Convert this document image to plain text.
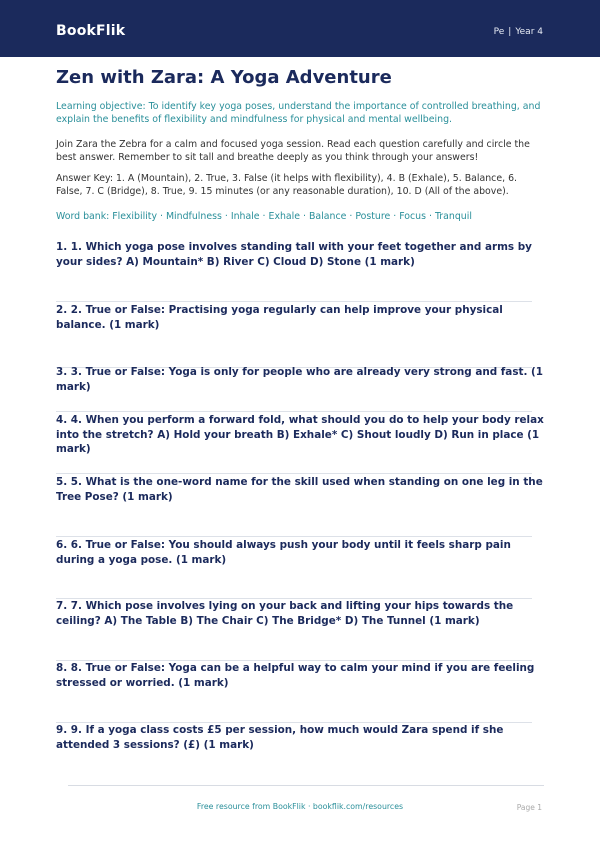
BookFlik	Pe | Year 4
Zen with Zara: A Yoga Adventure
Learning objective: To identify key yoga poses, understand the importance of controlled breathing, and explain the benefits of flexibility and mindfulness for physical and mental wellbeing.
Join Zara the Zebra for a calm and focused yoga session. Read each question carefully and circle the best answer. Remember to sit tall and breathe deeply as you think through your answers!
Answer Key: 1. A (Mountain), 2. True, 3. False (it helps with flexibility), 4. B (Exhale), 5. Balance, 6. False, 7. C (Bridge), 8. True, 9. 15 minutes (or any reasonable duration), 10. D (All of the above).
Word bank: Flexibility · Mindfulness · Inhale · Exhale · Balance · Posture · Focus · Tranquil
1. 1. Which yoga pose involves standing tall with your feet together and arms by your sides? A) Mountain* B) River C) Cloud D) Stone (1 mark)
2. 2. True or False: Practising yoga regularly can help improve your physical balance. (1 mark)
3. 3. True or False: Yoga is only for people who are already very strong and fast. (1 mark)
4. 4. When you perform a forward fold, what should you do to help your body relax into the stretch? A) Hold your breath B) Exhale* C) Shout loudly D) Run in place (1 mark)
5. 5. What is the one-word name for the skill used when standing on one leg in the Tree Pose? (1 mark)
6. 6. True or False: You should always push your body until it feels sharp pain during a yoga pose. (1 mark)
7. 7. Which pose involves lying on your back and lifting your hips towards the ceiling? A) The Table B) The Chair C) The Bridge* D) The Tunnel (1 mark)
8. 8. True or False: Yoga can be a helpful way to calm your mind if you are feeling stressed or worried. (1 mark)
9. 9. If a yoga class costs £5 per session, how much would Zara spend if she attended 3 sessions? (£) (1 mark)
Free resource from BookFlik · bookflik.com/resources	Page 1
